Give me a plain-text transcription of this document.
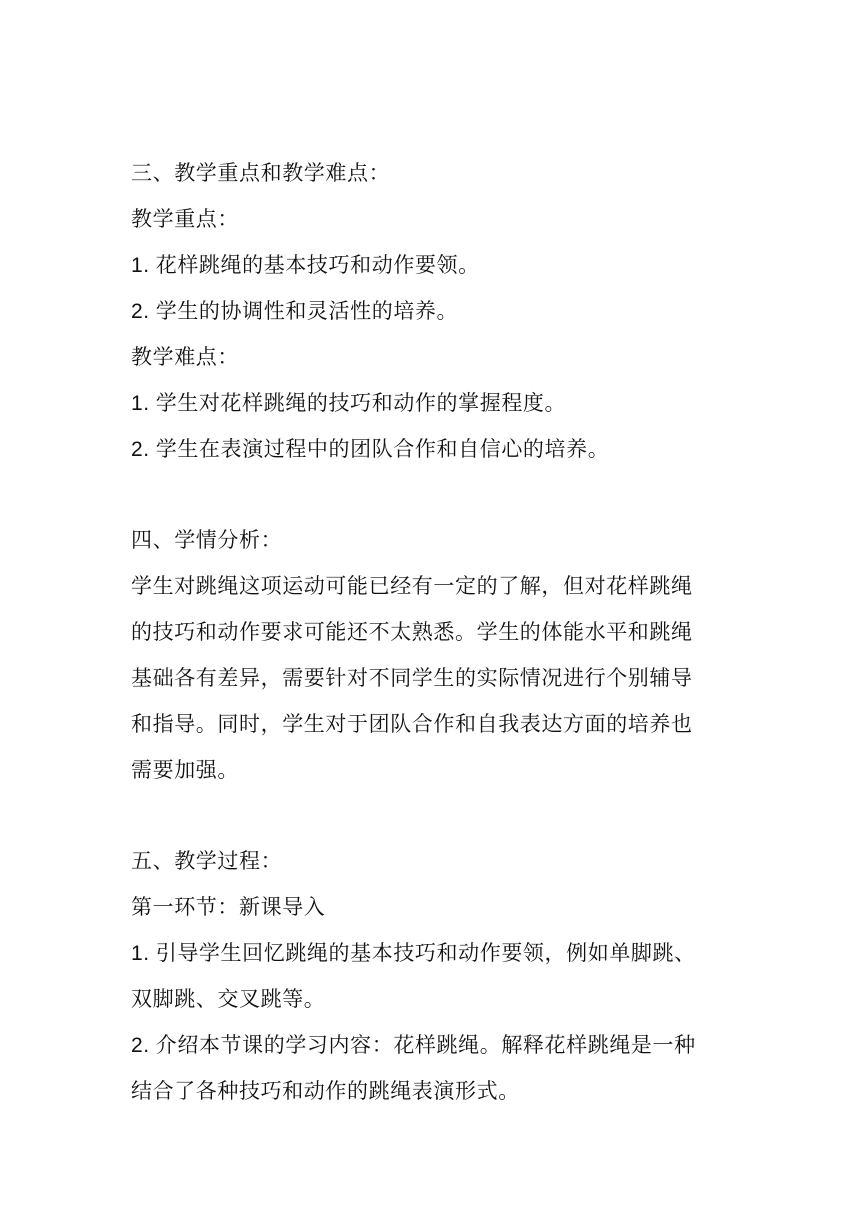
三、教学重点和教学难点：
教学重点：
1. 花样跳绳的基本技巧和动作要领。
2. 学生的协调性和灵活性的培养。
教学难点：
1. 学生对花样跳绳的技巧和动作的掌握程度。
2. 学生在表演过程中的团队合作和自信心的培养。
四、学情分析：
学生对跳绳这项运动可能已经有一定的了解，但对花样跳绳
的技巧和动作要求可能还不太熟悉。学生的体能水平和跳绳
基础各有差异，需要针对不同学生的实际情况进行个别辅导
和指导。同时，学生对于团队合作和自我表达方面的培养也
需要加强。
五、教学过程：
第一环节：新课导入
1. 引导学生回忆跳绳的基本技巧和动作要领，例如单脚跳、
双脚跳、交叉跳等。
2. 介绍本节课的学习内容：花样跳绳。解释花样跳绳是一种
结合了各种技巧和动作的跳绳表演形式。
